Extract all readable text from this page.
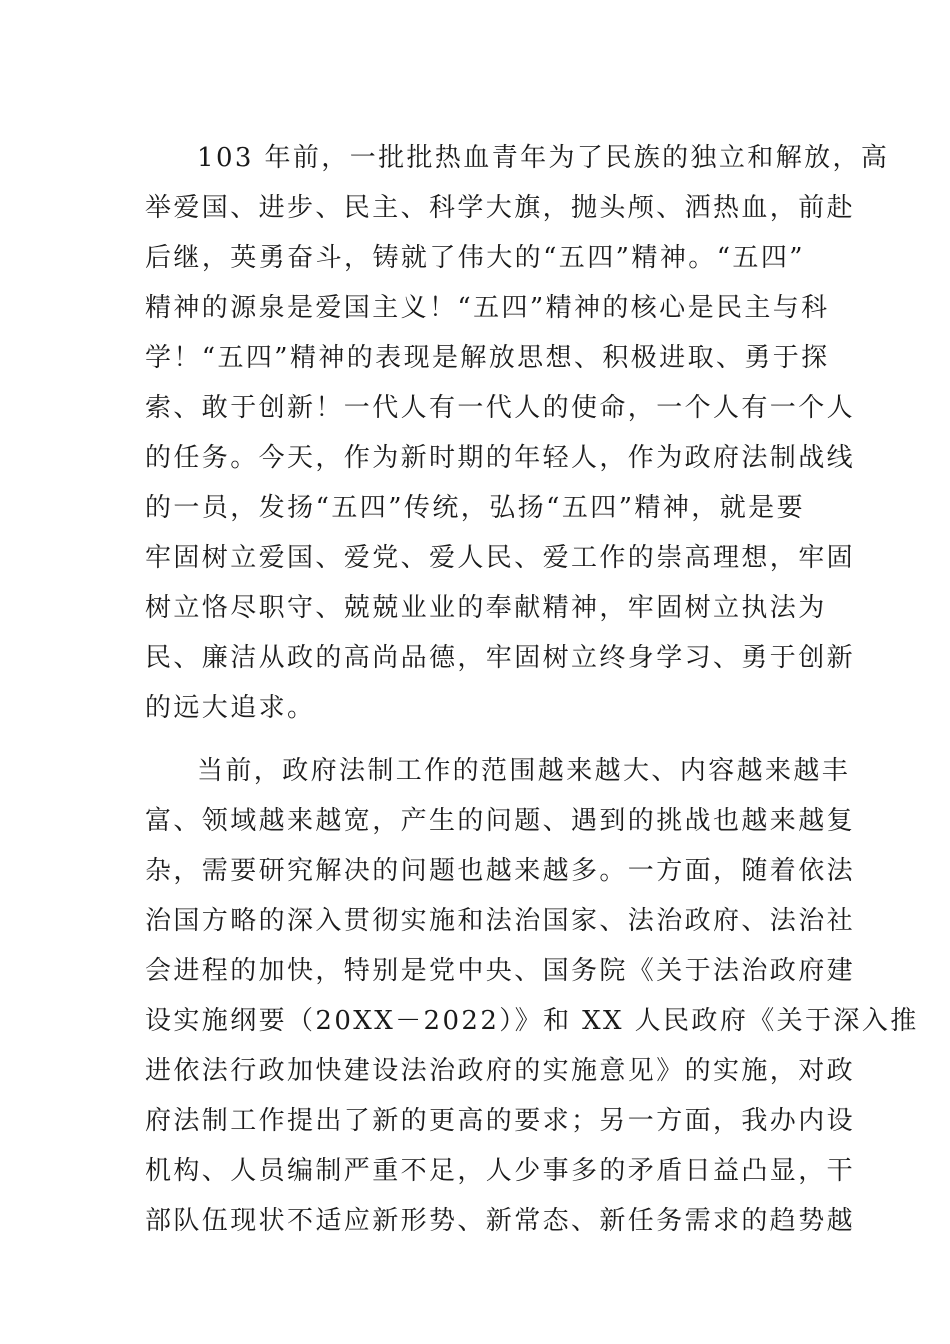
103 年前，一批批热血青年为了民族的独立和解放，高
举爱国、进步、民主、科学大旗，抛头颅、洒热血，前赴
后继，英勇奋斗，铸就了伟大的“五四”精神。“五四”
精神的源泉是爱国主义！“五四”精神的核心是民主与科
学！“五四”精神的表现是解放思想、积极进取、勇于探
索、敢于创新！一代人有一代人的使命，一个人有一个人
的任务。今天，作为新时期的年轻人，作为政府法制战线
的一员，发扬“五四”传统，弘扬“五四”精神，就是要
牢固树立爱国、爱党、爱人民、爱工作的崇高理想，牢固
树立恪尽职守、兢兢业业的奉献精神，牢固树立执法为
民、廉洁从政的高尚品德，牢固树立终身学习、勇于创新
的远大追求。
当前，政府法制工作的范围越来越大、内容越来越丰
富、领域越来越宽，产生的问题、遇到的挑战也越来越复
杂，需要研究解决的问题也越来越多。一方面，随着依法
治国方略的深入贯彻实施和法治国家、法治政府、法治社
会进程的加快，特别是党中央、国务院《关于法治政府建
设实施纲要（20XX－2022）》和 XX 人民政府《关于深入推
进依法行政加快建设法治政府的实施意见》的实施，对政
府法制工作提出了新的更高的要求；另一方面，我办内设
机构、人员编制严重不足，人少事多的矛盾日益凸显，干
部队伍现状不适应新形势、新常态、新任务需求的趋势越
